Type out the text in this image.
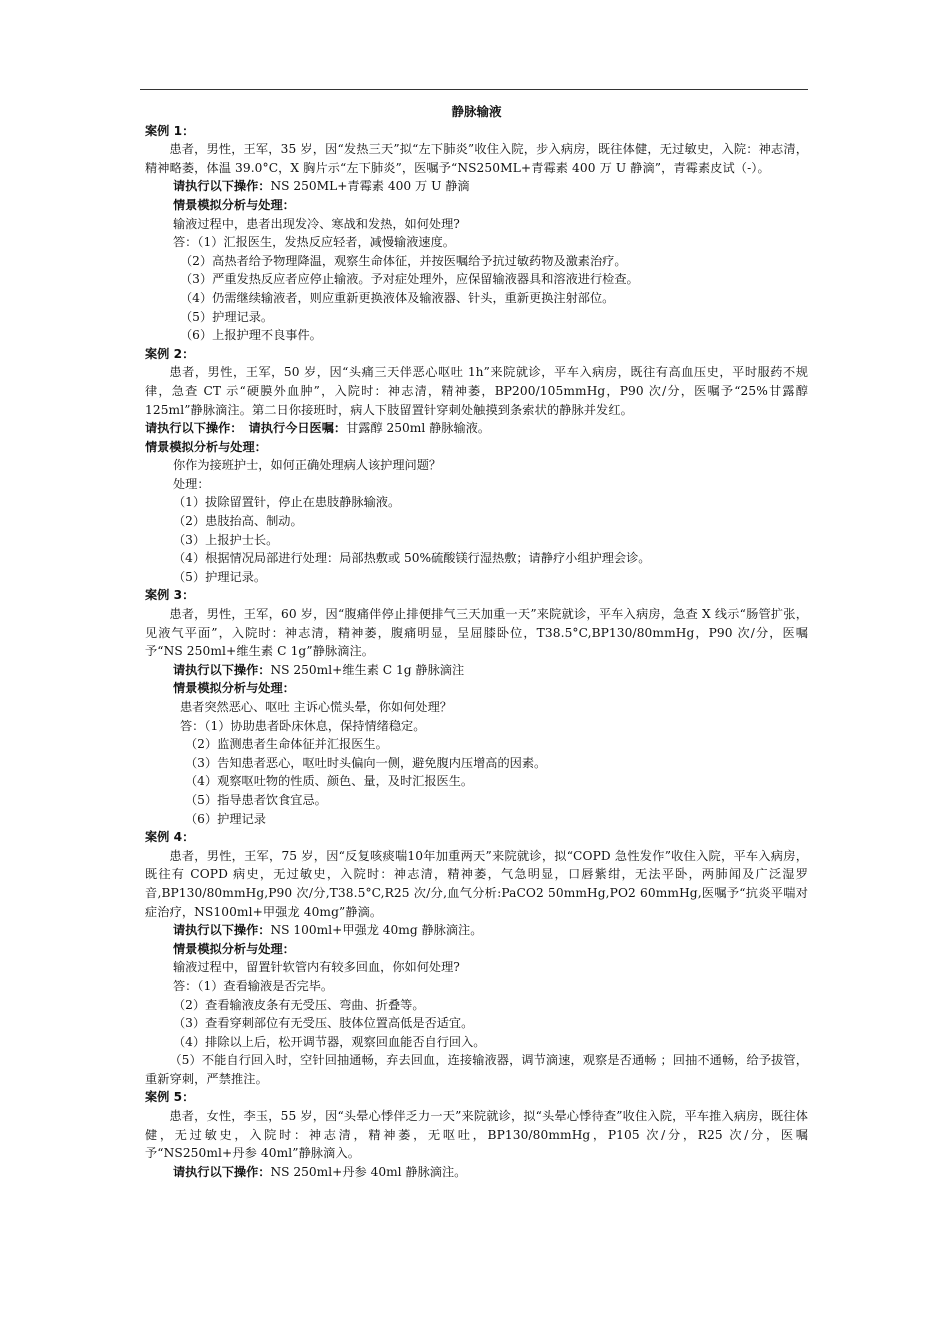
静脉输液
案例 1：
患者，男性，王军，35 岁，因“发热三天”拟“左下肺炎”收住入院，步入病房，既往体健，无过敏史，入院：神志清，精神略萎，体温 39.0°C，X 胸片示“左下肺炎”，医嘱予“NS250ML+青霉素 400 万 U 静滴”，青霉素皮试（-）。
请执行以下操作：NS 250ML+青霉素 400 万 U 静滴
情景模拟分析与处理：
输液过程中，患者出现发冷、寒战和发热，如何处理?
答：（1）汇报医生，发热反应轻者，减慢输液速度。
（2）高热者给予物理降温，观察生命体征，并按医嘱给予抗过敏药物及激素治疗。
（3）严重发热反应者应停止输液。予对症处理外，应保留输液器具和溶液进行检查。
（4）仍需继续输液者，则应重新更换液体及输液器、针头，重新更换注射部位。
（5）护理记录。
（6）上报护理不良事件。
案例 2：
患者，男性，王军，50 岁，因“头痛三天伴恶心呕吐 1h”来院就诊，平车入病房，既往有高血压史，平时服药不规律，急查 CT 示“硬膜外血肿”，入院时：神志清，精神萎，BP200/105mmHg，P90 次/分，医嘱予“25%甘露醇 125ml”静脉滴注。第二日你接班时，病人下肢留置针穿刺处触摸到条索状的静脉并发红。
请执行以下操作：　请执行今日医嘱：甘露醇 250ml 静脉输液。
情景模拟分析与处理：
你作为接班护士，如何正确处理病人该护理问题？
处理：
（1）拔除留置针，停止在患肢静脉输液。
（2）患肢抬高、制动。
（3）上报护士长。
（4）根据情况局部进行处理：局部热敷或 50%硫酸镁行湿热敷；请静疗小组护理会诊。
（5）护理记录。
案例 3：
患者，男性，王军，60 岁，因“腹痛伴停止排便排气三天加重一天”来院就诊，平车入病房，急查 X 线示“肠管扩张，见液气平面”，入院时：神志清，精神萎，腹痛明显，呈屈膝卧位，T38.5°C,BP130/80mmHg，P90 次/分，医嘱予“NS 250ml+维生素 C 1g”静脉滴注。
请执行以下操作：NS 250ml+维生素 C 1g 静脉滴注
情景模拟分析与处理：
患者突然恶心、呕吐 主诉心慌头晕，你如何处理？
答：（1）协助患者卧床休息，保持情绪稳定。
（2）监测患者生命体征并汇报医生。
（3）告知患者恶心，呕吐时头偏向一侧，避免腹内压增高的因素。
（4）观察呕吐物的性质、颜色、量，及时汇报医生。
（5）指导患者饮食宜忌。
（6）护理记录
案例 4：
患者，男性，王军，75 岁，因“反复咳痰喘10年加重两天”来院就诊，拟“COPD 急性发作”收住入院，平车入病房，既往有 COPD 病史，无过敏史，入院时：神志清，精神萎，气急明显，口唇紫绀，无法平卧，两肺闻及广泛湿罗音,BP130/80mmHg,P90 次/分,T38.5°C,R25 次/分,血气分析:PaCO2 50mmHg,PO2 60mmHg,医嘱予“抗炎平喘对症治疗，NS100ml+甲强龙 40mg”静滴。
请执行以下操作：NS 100ml+甲强龙 40mg 静脉滴注。
情景模拟分析与处理：
输液过程中，留置针软管内有较多回血，你如何处理?
答：（1）查看输液是否完毕。
（2）查看输液皮条有无受压、弯曲、折叠等。
（3）查看穿刺部位有无受压、肢体位置高低是否适宜。
（4）排除以上后，松开调节器，观察回血能否自行回入。
（5）不能自行回入时，空针回抽通畅，弃去回血，连接输液器，调节滴速，观察是否通畅 ；回抽不通畅，给予拔管，重新穿刺，严禁推注。
案例 5：
患者，女性，李玉，55 岁，因“头晕心悸伴乏力一天”来院就诊，拟“头晕心悸待查”收住入院，平车推入病房，既往体健，无过敏史，入院时：神志清，精神萎，无呕吐，BP130/80mmHg，P105 次/分，R25 次/分，医嘱予“NS250ml+丹参 40ml”静脉滴入。
请执行以下操作：NS 250ml+丹参 40ml 静脉滴注。
